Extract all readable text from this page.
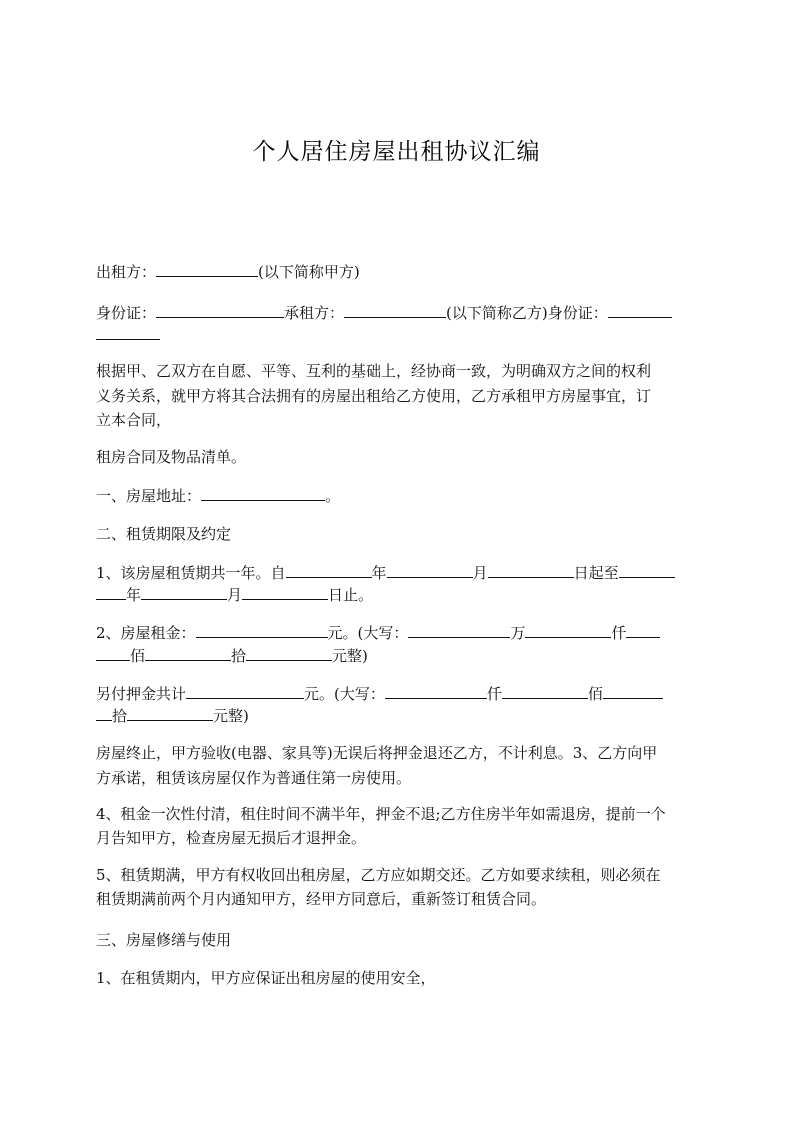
个人居住房屋出租协议汇编
出租方：	(以下简称甲方)
身份证：	承租方：	(以下简称乙方)身份证：
根据甲、乙双方在自愿、平等、互利的基础上，经协商一致，为明确双方之间的权利
义务关系，就甲方将其合法拥有的房屋出租给乙方使用，乙方承租甲方房屋事宜，订
立本合同，
租房合同及物品清单。
一、房屋地址：	。
二、租赁期限及约定
1、该房屋租赁期共一年。自	年	月	日起至
年	月	日止。
2、房屋租金：	元。(大写：	万	仟
佰	拾	元整)
另付押金共计	元。(大写：	仟	佰
拾	元整)
房屋终止，甲方验收(电器、家具等)无误后将押金退还乙方，不计利息。3、乙方向甲
方承诺，租赁该房屋仅作为普通住第一房使用。
4、租金一次性付清，租住时间不满半年，押金不退;乙方住房半年如需退房，提前一个
月告知甲方，检查房屋无损后才退押金。
5、租赁期满，甲方有权收回出租房屋，乙方应如期交还。乙方如要求续租，则必须在
租赁期满前两个月内通知甲方，经甲方同意后，重新签订租赁合同。
三、房屋修缮与使用
1、在租赁期内，甲方应保证出租房屋的使用安全，
